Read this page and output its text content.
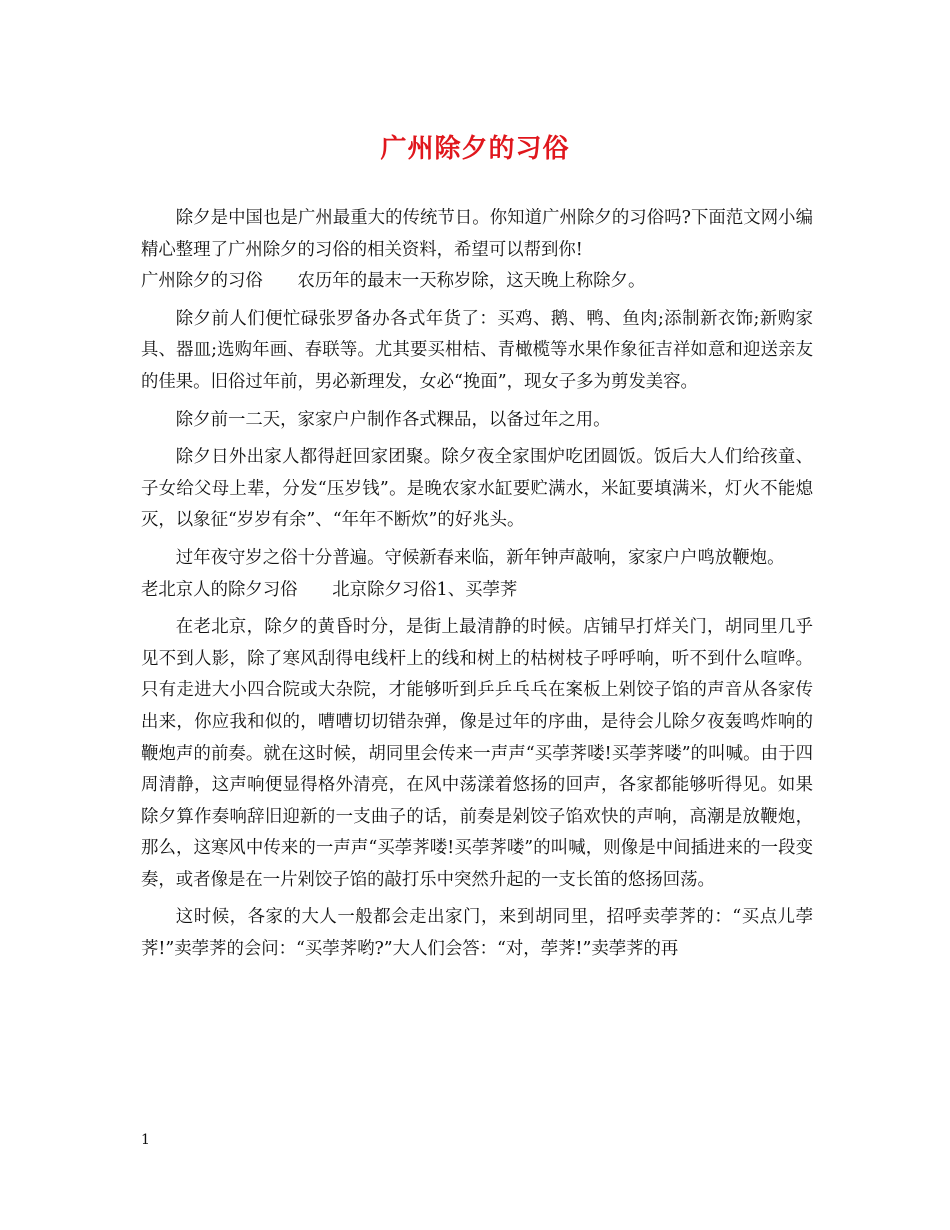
广州除夕的习俗

除夕是中国也是广州最重大的传统节日。你知道广州除夕的习俗吗?下面范文网小编精心整理了广州除夕的习俗的相关资料，希望可以帮到你!

广州除夕的习俗　　农历年的最末一天称岁除，这天晚上称除夕。

除夕前人们便忙碌张罗备办各式年货了：买鸡、鹅、鸭、鱼肉;添制新衣饰;新购家具、器皿;选购年画、春联等。尤其要买柑桔、青橄榄等水果作象征吉祥如意和迎送亲友的佳果。旧俗过年前，男必新理发，女必“挽面”，现女子多为剪发美容。

除夕前一二天，家家户户制作各式粿品，以备过年之用。

除夕日外出家人都得赶回家团聚。除夕夜全家围炉吃团圆饭。饭后大人们给孩童、子女给父母上辈，分发“压岁钱”。是晚农家水缸要贮满水，米缸要填满米，灯火不能熄灭，以象征“岁岁有余”、“年年不断炊”的好兆头。

过年夜守岁之俗十分普遍。守候新春来临，新年钟声敲响，家家户户鸣放鞭炮。

老北京人的除夕习俗　　北京除夕习俗1、买荸荠

在老北京，除夕的黄昏时分，是街上最清静的时候。店铺早打烊关门，胡同里几乎见不到人影，除了寒风刮得电线杆上的线和树上的枯树枝子呼呼响，听不到什么喧哗。只有走进大小四合院或大杂院，才能够听到乒乒乓乓在案板上剁饺子馅的声音从各家传出来，你应我和似的，嘈嘈切切错杂弹，像是过年的序曲，是待会儿除夕夜轰鸣炸响的鞭炮声的前奏。就在这时候，胡同里会传来一声声“买荸荠喽!买荸荠喽”的叫喊。由于四周清静，这声响便显得格外清亮，在风中荡漾着悠扬的回声，各家都能够听得见。如果除夕算作奏响辞旧迎新的一支曲子的话，前奏是剁饺子馅欢快的声响，高潮是放鞭炮，那么，这寒风中传来的一声声“买荸荠喽!买荸荠喽”的叫喊，则像是中间插进来的一段变奏，或者像是在一片剁饺子馅的敲打乐中突然升起的一支长笛的悠扬回荡。

这时候，各家的大人一般都会走出家门，来到胡同里，招呼卖荸荠的：“买点儿荸荠!”卖荸荠的会问：“买荸荠哟?”大人们会答：“对，荸荠!”卖荸荠的再

1
